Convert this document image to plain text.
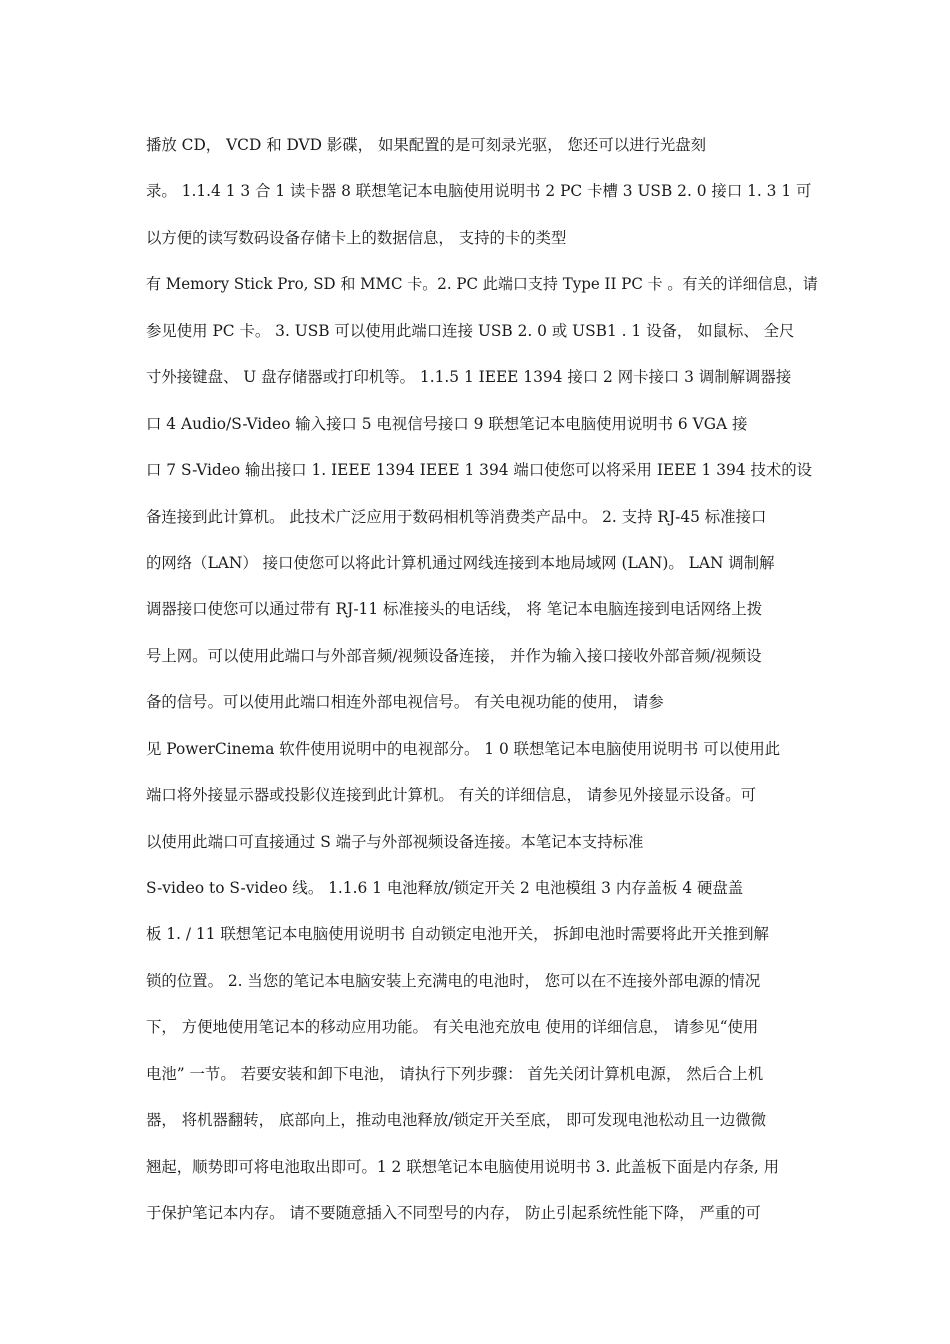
播放 CD， VCD 和 DVD 影碟， 如果配置的是可刻录光驱， 您还可以进行光盘刻
录。 1.1.4 1 3 合 1 读卡器 8 联想笔记本电脑使用说明书 2 PC 卡槽 3 USB 2. 0 接口 1. 3 1 可
以方便的读写数码设备存储卡上的数据信息， 支持的卡的类型
有 Memory Stick Pro, SD 和 MMC 卡。2. PC 此端口支持 Type II PC 卡 。有关的详细信息，请
参见使用 PC 卡。 3. USB 可以使用此端口连接 USB 2. 0 或 USB1 . 1 设备， 如鼠标、 全尺
寸外接键盘、 U 盘存储器或打印机等。 1.1.5 1 IEEE 1394 接口 2 网卡接口 3 调制解调器接
口 4 Audio/S-Video 输入接口 5 电视信号接口 9 联想笔记本电脑使用说明书 6 VGA 接
口 7 S-Video 输出接口 1. IEEE 1394 IEEE 1 394 端口使您可以将采用 IEEE 1 394 技术的设
备连接到此计算机。 此技术广泛应用于数码相机等消费类产品中。 2. 支持 RJ-45 标准接口
的网络（LAN） 接口使您可以将此计算机通过网线连接到本地局域网 (LAN)。 LAN 调制解
调器接口使您可以通过带有 RJ-11 标准接头的电话线， 将 笔记本电脑连接到电话网络上拨
号上网。可以使用此端口与外部音频/视频设备连接， 并作为输入接口接收外部音频/视频设
备的信号。可以使用此端口相连外部电视信号。 有关电视功能的使用， 请参
见 PowerCinema 软件使用说明中的电视部分。 1 0 联想笔记本电脑使用说明书 可以使用此
端口将外接显示器或投影仪连接到此计算机。 有关的详细信息， 请参见外接显示设备。可
以使用此端口可直接通过 S 端子与外部视频设备连接。本笔记本支持标准
S-video to S-video 线。 1.1.6 1 电池释放/锁定开关 2 电池模组 3 内存盖板 4 硬盘盖
板 1. / 11 联想笔记本电脑使用说明书 自动锁定电池开关， 拆卸电池时需要将此开关推到解
锁的位置。 2. 当您的笔记本电脑安装上充满电的电池时， 您可以在不连接外部电源的情况
下， 方便地使用笔记本的移动应用功能。 有关电池充放电 使用的详细信息， 请参见“使用
电池” 一节。 若要安装和卸下电池， 请执行下列步骤： 首先关闭计算机电源， 然后合上机
器， 将机器翻转， 底部向上，推动电池释放/锁定开关至底， 即可发现电池松动且一边微微
翘起，顺势即可将电池取出即可。1 2 联想笔记本电脑使用说明书 3. 此盖板下面是内存条, 用
于保护笔记本内存。 请不要随意插入不同型号的内存， 防止引起系统性能下降， 严重的可
